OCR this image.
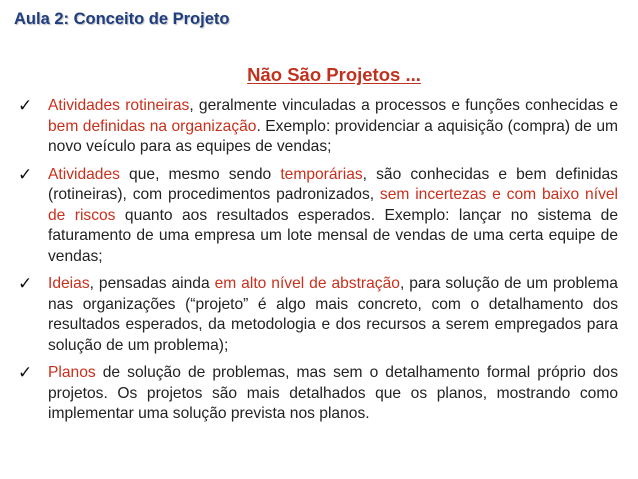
Aula 2: Conceito de Projeto
Não São Projetos ...
✓ Atividades rotineiras, geralmente vinculadas a processos e funções conhecidas e bem definidas na organização. Exemplo: providenciar a aquisição (compra) de um novo veículo para as equipes de vendas;
✓ Atividades que, mesmo sendo temporárias, são conhecidas e bem definidas (rotineiras), com procedimentos padronizados, sem incertezas e com baixo nível de riscos quanto aos resultados esperados. Exemplo: lançar no sistema de faturamento de uma empresa um lote mensal de vendas de uma certa equipe de vendas;
✓ Ideias, pensadas ainda em alto nível de abstração, para solução de um problema nas organizações (“projeto” é algo mais concreto, com o detalhamento dos resultados esperados, da metodologia e dos recursos a serem empregados para solução de um problema);
✓ Planos de solução de problemas, mas sem o detalhamento formal próprio dos projetos. Os projetos são mais detalhados que os planos, mostrando como implementar uma solução prevista nos planos.
